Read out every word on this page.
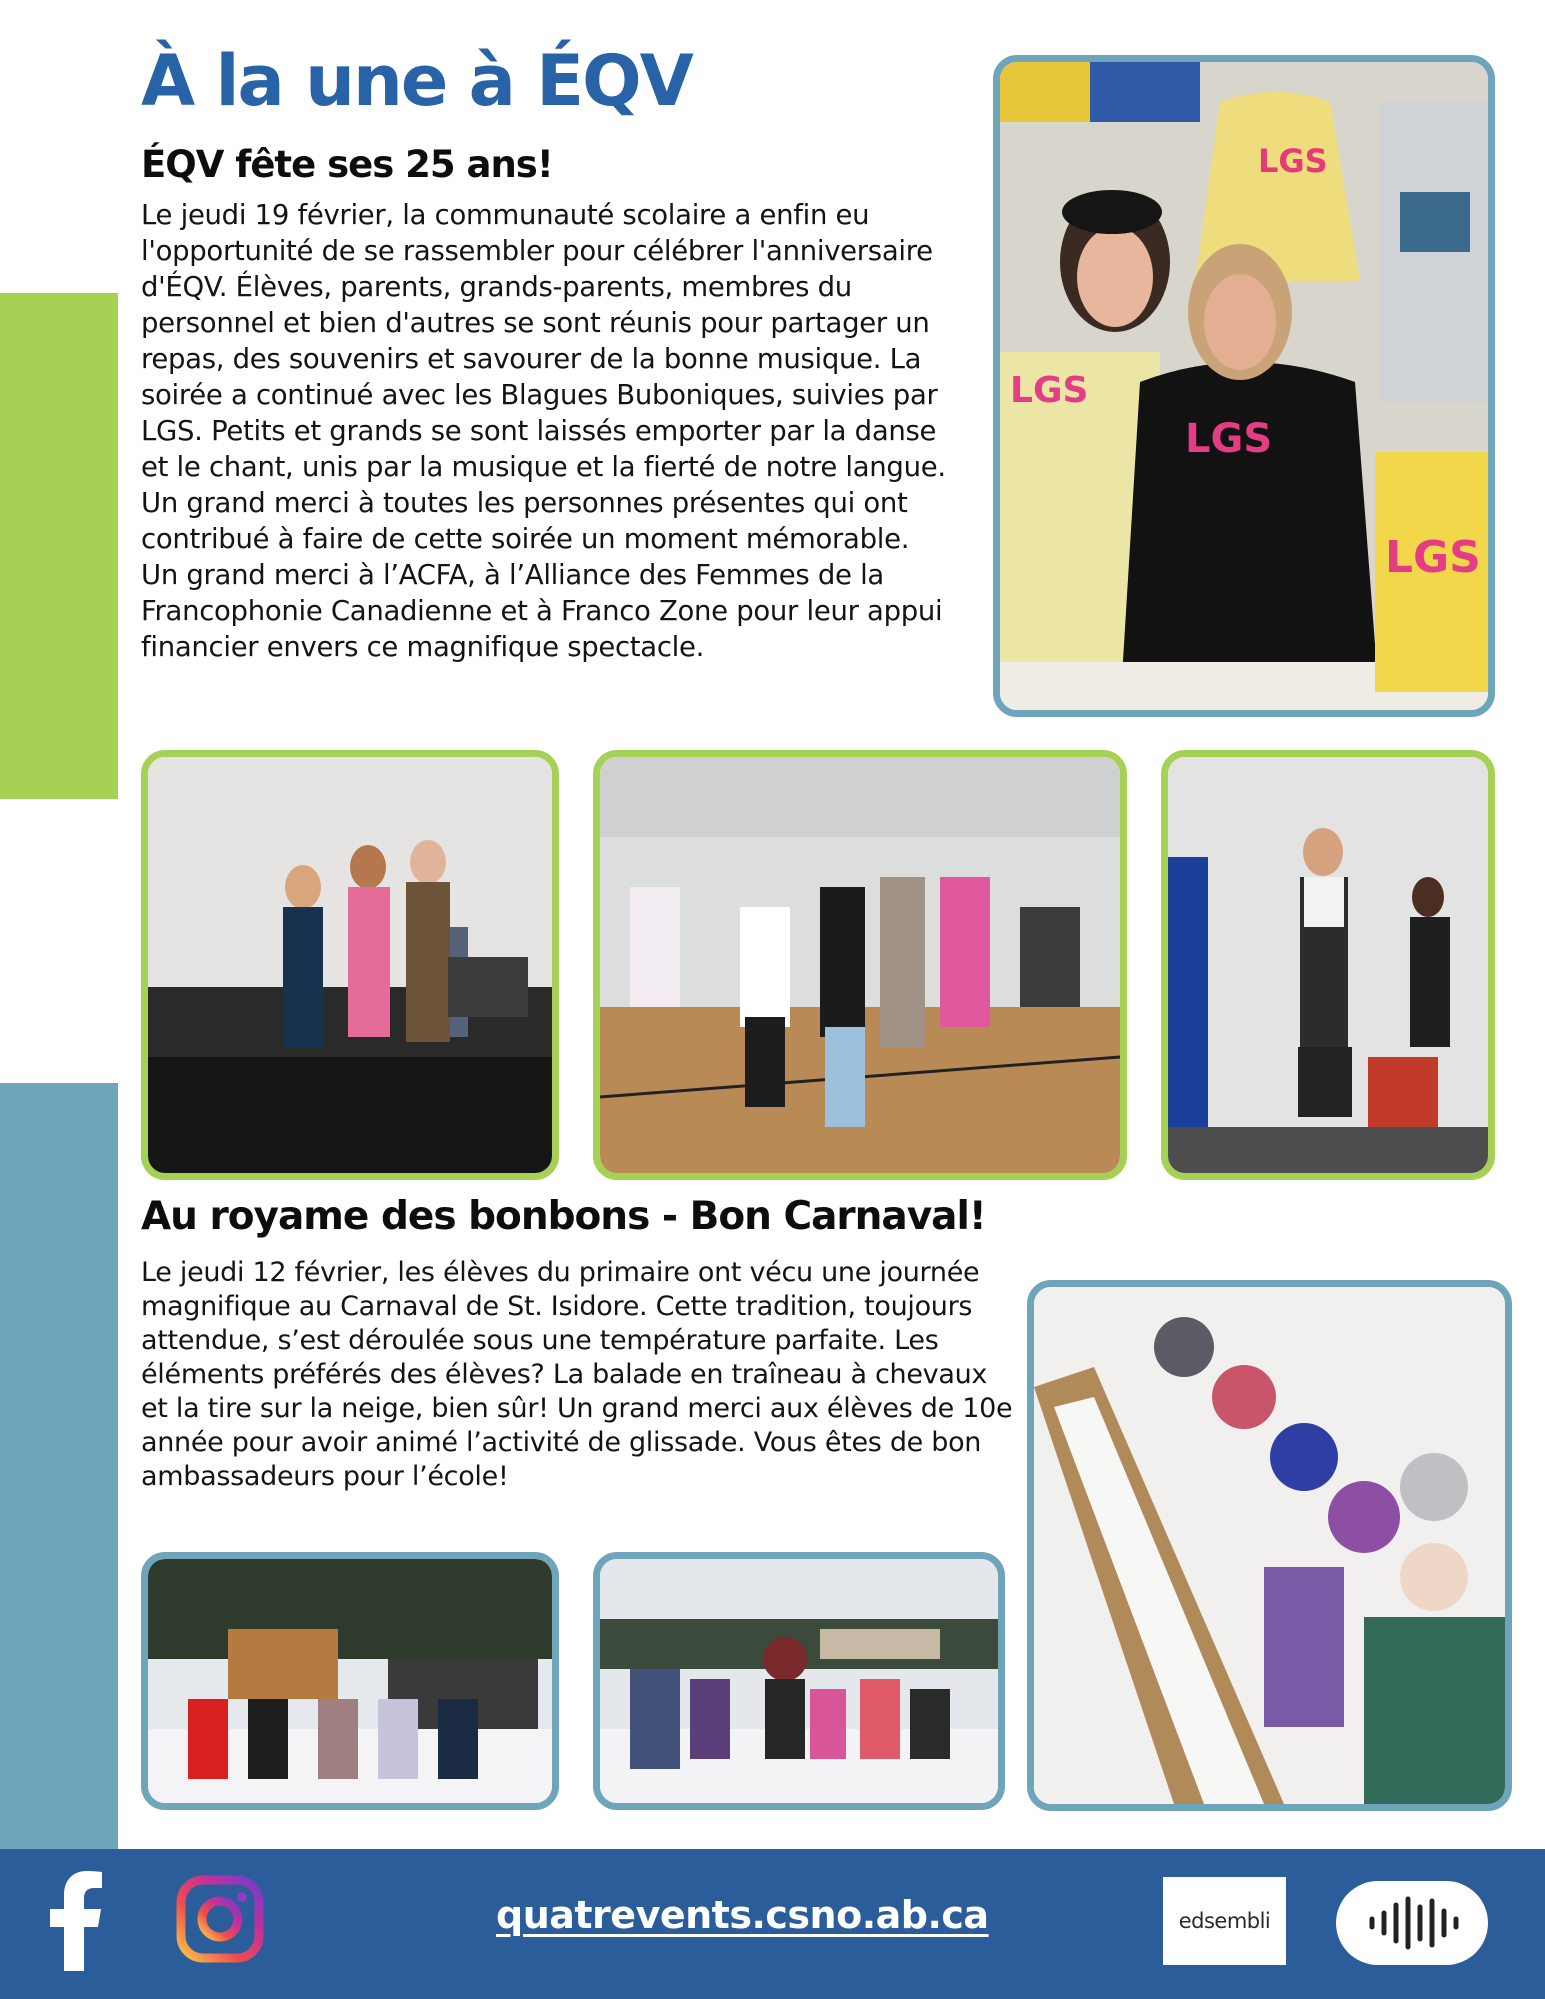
À la une à ÉQV
ÉQV fête ses 25 ans!

Le jeudi 19 février, la communauté scolaire a enfin eu l'opportunité de se rassembler pour célébrer l'anniversaire d'ÉQV. Élèves, parents, grands-parents, membres du personnel et bien d'autres se sont réunis pour partager un repas, des souvenirs et savourer de la bonne musique. La soirée a continué avec les Blagues Buboniques, suivies par LGS. Petits et grands se sont laissés emporter par la danse et le chant, unis par la musique et la fierté de notre langue.

Un grand merci à toutes les personnes présentes qui ont contribué à faire de cette soirée un moment mémorable.

Un grand merci à l’ACFA, à l’Alliance des Femmes de la Francophonie Canadienne et à Franco Zone pour leur appui financier envers ce magnifique spectacle.

LGS
LGS
LGS
LGS
Au royame des bonbons - Bon Carnaval!

Le jeudi 12 février, les élèves du primaire ont vécu une journée magnifique au Carnaval de St. Isidore. Cette tradition, toujours attendue, s’est déroulée sous une température parfaite. Les éléments préférés des élèves? La balade en traîneau à chevaux et la tire sur la neige, bien sûr! Un grand merci aux élèves de 10e année pour avoir animé l’activité de glissade. Vous êtes de bon ambassadeurs pour l’école!

quatrevents.csno.ab.ca	edsembli
